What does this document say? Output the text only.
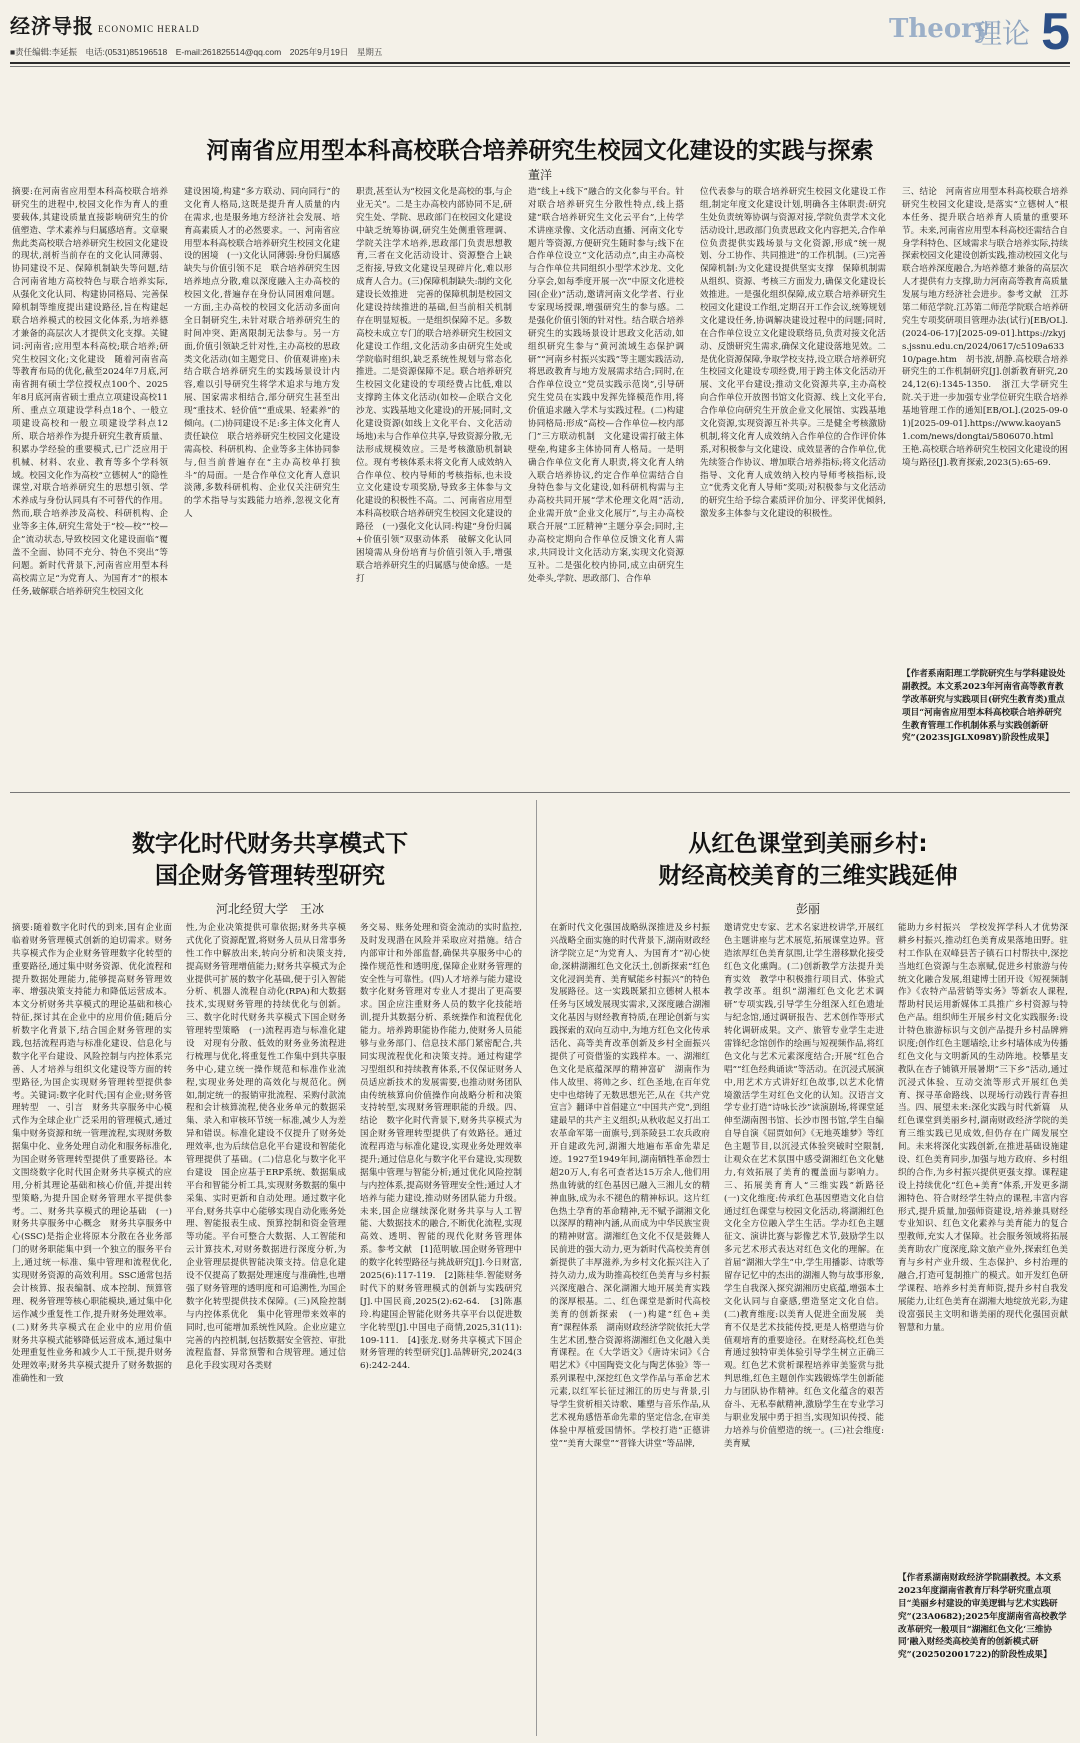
经济导报 ECONOMIC HERALD
■责任编辑:李延振　电话:(0531)85196518　E-mail:261825514@qq.com　2025年9月19日　星期五
Theory
理论 5
河南省应用型本科高校联合培养研究生校园文化建设的实践与探索
董洋
摘要:在河南省应用型本科高校联合培养研究生的进程中,校园文化作为育人的重要载体,其建设质量直接影响研究生的价值塑造、学术素养与归属感培育。文章聚焦此类高校联合培养研究生校园文化建设的现状,剖析当前存在的文化认同薄弱、协同建设不足、保障机制缺失等问题,结合河南省地方高校特色与联合培养实际,从强化文化认同、构建协同格局、完善保障机制等维度提出建设路径,旨在构建起联合培养模式的校园文化体系,为培养德才兼备的高层次人才提供文化支撑。关键词:河南省;应用型本科高校;联合培养;研究生校园文化;文化建设　随着河南省高等教育布局的优化,截至2024年7月底,河南省拥有硕士学位授权点100个、2025年8月底河南省硕士重点立项建设高校11所、重点立项建设学科点18个、一般立项建设高校和一般立项建设学科点12所、联合培养作为提升研究生教育质量、积累办学经验的重要模式,已广泛应用于机械、材料、农业、教育等多个学科领域。校园文化作为高校“立德树人”的隐性课堂,对联合培养研究生的思想引领、学术养成与身份认同具有不可替代的作用。然而,联合培养涉及高校、科研机构、企业等多主体,研究生常处于“校—校”“校—企”流动状态,导致校园文化建设面临“覆盖不全面、协同不充分、特色不突出”等问题。新时代背景下,河南省应用型本科高校需立足“为党育人、为国育才”的根本任务,破解联合培养研究生校园文化
建设困境,构建“多方联动、同向同行”的文化育人格局,这既是提升育人质量的内在需求,也是服务地方经济社会发展、培育高素质人才的必然要求。一、河南省应用型本科高校联合培养研究生校园文化建设的困境　(一)文化认同薄弱:身份归属感缺失与价值引领不足　联合培养研究生因培养地点分散,难以深度融入主办高校的校园文化,普遍存在身份认同困难问题。一方面,主办高校的校园文化活动多面向全日制研究生,未针对联合培养研究生的时间冲突、距离限制无法参与。另一方面,价值引领缺乏针对性,主办高校的思政类文化活动(如主题党日、价值观讲座)未结合联合培养研究生的实践场景设计内容,难以引导研究生将学术追求与地方发展、国家需求相结合,部分研究生甚至出现“重技术、轻价值”“重成果、轻素养”的倾向。(二)协同建设不足:多主体文化育人责任缺位　联合培养研究生校园文化建设需高校、科研机构、企业等多主体协同参与,但当前普遍存在“主办高校单打独斗”的局面。一是合作单位文化育人意识淡薄,多数科研机构、企业仅关注研究生的学术指导与实践能力培养,忽视文化育人
职责,甚至认为“校园文化是高校的事,与企业无关”。二是主办高校内部协同不足,研究生处、学院、思政部门在校园文化建设中缺乏统筹协调,研究生处侧重管理调、学院关注学术培养,思政部门负责思想教育,三者在文化活动设计、资源整合上缺乏衔接,导致文化建设呈现碎片化,难以形成育人合力。(三)保障机制缺失:制约文化建设长效推进　完善的保障机制是校园文化建设持续推进的基础,但当前相关机制存在明显短板。一是组织保障不足。多数高校未成立专门的联合培养研究生校园文化建设工作组,文化活动多由研究生处或学院临时组织,缺乏系统性规划与常态化推进。二是资源保障不足。联合培养研究生校园文化建设的专项经费占比低,难以支撑跨主体文化活动(如校—企联合文化沙龙、实践基地文化建设)的开展;同时,文化建设资源(如线上文化平台、文化活动场地)未与合作单位共享,导致资源分散,无法形成规模效应。三是考核激励机制缺位。现有考核体系未将文化育人成效纳入合作单位、校内导师的考核指标,也未设立文化建设专项奖励,导致多主体参与文化建设的积极性不高。二、河南省应用型本科高校联合培养研究生校园文化建设的路径　(一)强化文化认同:构建“身份归属+价值引领”双驱动体系　破解文化认同困境需从身份培育与价值引领入手,增强联合培养研究生的归属感与使命感。一是打
造“线上+线下”融合的文化参与平台。针对联合培养研究生分散性特点,线上搭建“联合培养研究生文化云平台”,上传学术讲座录像、文化活动直播、河南文化专题片等资源,方便研究生随时参与;线下在合作单位设立“文化活动点”,由主办高校与合作单位共同组织小型学术沙龙、文化分享会,如每季度开展一次“中原文化进校园(企业)”活动,邀请河南文化学者、行业专家现场授课,增强研究生的参与感。二是强化价值引领的针对性。结合联合培养研究生的实践场景设计思政文化活动,如组织研究生参与“黄河流域生态保护调研”“河南乡村振兴实践”等主题实践活动,将思政教育与地方发展需求结合;同时,在合作单位设立“党员实践示范岗”,引导研究生党员在实践中发挥先锋模范作用,将价值追求融入学术与实践过程。(二)构建协同格局:形成“高校—合作单位—校内部门”三方联动机制　文化建设需打破主体壁垒,构建多主体协同育人格局。一是明确合作单位文化育人职责,将文化育人纳入联合培养协议,约定合作单位需结合自身特色参与文化建设,如科研机构需与主办高校共同开展“学术伦理文化周”活动,企业需开放“企业文化展厅”,与主办高校联合开展“工匠精神”主题分享会;同时,主办高校定期向合作单位反馈文化育人需求,共同设计文化活动方案,实现文化资源互补。二是强化校内协同,成立由研究生处牵头,学院、思政部门、合作单
位代表参与的联合培养研究生校园文化建设工作组,制定年度文化建设计划,明确各主体职责:研究生处负责统筹协调与资源对接,学院负责学术文化活动设计,思政部门负责思政文化内容把关,合作单位负责提供实践场景与文化资源,形成“统一规划、分工协作、共同推进”的工作机制。(三)完善保障机制:为文化建设提供坚实支撑　保障机制需从组织、资源、考核三方面发力,确保文化建设长效推进。一是强化组织保障,成立联合培养研究生校园文化建设工作组,定期召开工作会议,统筹规划文化建设任务,协调解决建设过程中的问题;同时,在合作单位设立文化建设联络员,负责对接文化活动、反馈研究生需求,确保文化建设落地见效。二是优化资源保障,争取学校支持,设立联合培养研究生校园文化建设专项经费,用于跨主体文化活动开展、文化平台建设;推动文化资源共享,主办高校向合作单位开放图书馆文化资源、线上文化平台,合作单位向研究生开放企业文化展馆、实践基地文化资源,实现资源互补共享。三是健全考核激励机制,将文化育人成效纳入合作单位的合作评价体系,对积极参与文化建设、成效显著的合作单位,优先续签合作协议、增加联合培养指标;将文化活动指导、文化育人成效纳入校内导师考核指标,设立“优秀文化育人导师”奖项;对积极参与文化活动的研究生给予综合素质评价加分、评奖评优倾斜,激发多主体参与文化建设的积极性。
三、结论　河南省应用型本科高校联合培养研究生校园文化建设,是落实“立德树人”根本任务、提升联合培养育人质量的重要环节。未来,河南省应用型本科高校还需结合自身学科特色、区域需求与联合培养实际,持续探索校园文化建设创新实践,推动校园文化与联合培养深度融合,为培养德才兼备的高层次人才提供有力支撑,助力河南高等教育高质量发展与地方经济社会进步。参考文献　江苏第二师范学院.江苏第二师范学院联合培养研究生专项奖研项目管理办法(试行)[EB/OL].(2024-06-17)[2025-09-01].https://zkyjs.jssnu.edu.cn/2024/0617/c5109a63310/page.htm　胡书波,胡静.高校联合培养研究生的工作机制研究[J].创新教育研究,2024,12(6):1345-1350.　浙江大学研究生院.关于进一步加强专业学位研究生联合培养基地管理工作的通知[EB/OL].(2025-09-01)[2025-09-01].https://www.kaoyan51.com/news/dongtai/5806070.html　王艳.高校联合培养研究生校园文化建设的困境与路径[J].教育探索,2023(5):65-69.
【作者系南阳理工学院研究生与学科建设处副教授。本文系2023年河南省高等教育教学改革研究与实践项目(研究生教育类)重点项目“河南省应用型本科高校联合培养研究生教育管理工作机制体系与实践创新研究”(2023SJGLX098Y)阶段性成果】
数字化时代财务共享模式下
国企财务管理转型研究
河北经贸大学　王冰
摘要:随着数字化时代的到来,国有企业面临着财务管理模式创新的迫切需求。财务共享模式作为企业财务管理数字化转型的重要路径,通过集中财务资源、优化流程和提升数据处理能力,能够提高财务管理效率、增强决策支持能力和降低运营成本。本文分析财务共享模式的理论基础和核心特征,探讨其在企业中的应用价值;随后分析数字化背景下,结合国企财务管理的实践,包括流程再造与标准化建设、信息化与数字化平台建设、风险控制与内控体系完善、人才培养与组织文化建设等方面的转型路径,为国企实现财务管理转型提供参考。关键词:数字化时代;国有企业;财务管理转型　一、引言　财务共享服务中心模式作为全球企业广泛采用的管理模式,通过集中财务资源和统一管理流程,实现财务数据集中化、业务处理自动化和服务标准化,为国企财务管理转型提供了重要路径。本文围绕数字化时代国企财务共享模式的应用,分析其理论基础和核心价值,并提出转型策略,为提升国企财务管理水平提供参考。二、财务共享模式的理论基础　(一)财务共享服务中心概念　财务共享服务中心(SSC)是指企业将原本分散在各业务部门的财务职能集中到一个独立的服务平台上,通过统一标准、集中管理和流程优化,实现财务资源的高效利用。SSC通常包括会计核算、报表编制、成本控制、预算管理、税务管理等核心职能模块,通过集中化运作减少重复性工作,提升财务处理效率。(二)财务共享模式在企业中的应用价值　财务共享模式能够降低运营成本,通过集中处理重复性业务和减少人工干预,提升财务处理效率;财务共享模式提升了财务数据的准确性和一致
性,为企业决策提供可靠依据;财务共享模式优化了资源配置,将财务人员从日常事务性工作中解放出来,转向分析和决策支持,提高财务管理增值能力;财务共享模式为企业提供可扩展的数字化基础,便于引入智能分析、机器人流程自动化(RPA)和大数据技术,实现财务管理的持续优化与创新。三、数字化时代财务共享模式下国企财务管理转型策略　(一)流程再造与标准化建设　对现有分散、低效的财务业务流程进行梳理与优化,将重复性工作集中到共享服务中心,建立统一操作规范和标准作业流程,实现业务处理的高效化与规范化。例如,制定统一的报销审批流程、采购付款流程和会计核算流程,使各业务单元的数据采集、录入和审核环节统一标准,减少人为差异和错误。标准化建设不仅提升了财务处理效率,也为后续信息化平台建设和智能化管理提供了基础。(二)信息化与数字化平台建设　国企应基于ERP系统、数据集成平台和智能分析工具,实现财务数据的集中采集、实时更新和自动处理。通过数字化平台,财务共享中心能够实现自动化账务处理、智能报表生成、预算控制和资金管理等功能。平台可整合大数据、人工智能和云计算技术,对财务数据进行深度分析,为企业管理层提供智能决策支持。信息化建设不仅提高了数据处理速度与准确性,也增强了财务管理的透明度和可追溯性,为国企数字化转型提供技术保障。(三)风险控制与内控体系优化　集中化管理带来效率的同时,也可能增加系统性风险。企业应建立完善的内控机制,包括数据安全管控、审批流程监督、异常预警和合规管理。通过信息化手段实现对各类财
务交易、账务处理和资金流动的实时监控,及时发现潜在风险并采取应对措施。结合内部审计和外部监督,确保共享服务中心的操作规范性和透明度,保障企业财务管理的安全性与可靠性。(四)人才培养与能力建设　数字化财务管理对专业人才提出了更高要求。国企应注重财务人员的数字化技能培训,提升其数据分析、系统操作和流程优化能力。培养跨职能协作能力,使财务人员能够与业务部门、信息技术部门紧密配合,共同实现流程优化和决策支持。通过构建学习型组织和持续教育体系,不仅保证财务人员适应新技术的发展需要,也推动财务团队由传统核算向价值操作向战略分析和决策支持转型,实现财务管理职能的升级。四、结论　数字化时代背景下,财务共享模式为国企财务管理转型提供了有效路径。通过流程再造与标准化建设,实现业务处理效率提升;通过信息化与数字化平台建设,实现数据集中管理与智能分析;通过优化风险控制与内控体系,提高财务管理安全性;通过人才培养与能力建设,推动财务团队能力升级。未来,国企应继续深化财务共享与人工智能、大数据技术的融合,不断优化流程,实现高效、透明、智能的现代化财务管理体系。参考文献　[1]范明敏.国企财务管理中的数字化转型路径与挑战研究[J].今日财富,2025(6):117-119.　[2]陈桂华.智能财务时代下的财务管理模式的创新与实践研究[J].中国民商,2025(2):62-64.　[3]陈惠玲.构建国企智能化财务共享平台以促进数字化转型[J].中国电子商情,2025,31(11):109-111.　[4]张龙.财务共享模式下国企财务管理的转型研究[J].品牌研究,2024(36):242-244.
从红色课堂到美丽乡村:
财经高校美育的三维实践延伸
彭丽
在新时代文化强国战略纵深推进及乡村振兴战略全面实施的时代背景下,湖南财政经济学院立足“为党育人、为国育才”初心使命,深耕湖湘红色文化沃土,创新探索“红色文化浸润美育、美育赋能乡村振兴”的特色发展路径。这一实践既紧扣立德树人根本任务与区域发展现实需求,又深度融合湖湘文化基因与财经教育特质,在理论创新与实践探索的双向互动中,为地方红色文化传承活化、高等美育改革创新及乡村全面振兴提供了可资借鉴的实践样本。一、湖湘红色文化是底蕴深厚的精神富矿　湖南作为伟人故里、将帅之乡、红色圣地,在百年党史中也熔铸了无数思想光芒,从在《共产党宣言》翻译中首倡建立“中国共产党”,到组建最早的共产主义组织;从秋收起义打出工农革命军第一面旗号,到茶陵县工农兵政府开自建政先河,湖湘大地遍布革命先辈足迹。1927至1949年间,湖南牺牲革命烈士超20万人,有名可查者达15万余人,他们用热血铸就的红色基因已融入三湘儿女的精神血脉,成为永不褪色的精神标识。这片红色热土孕育的革命精神,无不赋予湖湘文化以深厚的精神内涵,从而成为中华民族宝贵的精神财富。湖湘红色文化不仅是鼓舞人民前进的强大动力,更为新时代高校美育创新提供了丰厚滋养,为乡村文化振兴注入了持久动力,成为助推高校红色美育与乡村振兴深度融合、深化湖湘大地开展美育实践的深厚根基。二、红色课堂是新时代高校美育的创新探索　(一)构建“红色+美育”课程体系　湖南财政经济学院依托大学生艺术团,整合资源将湖湘红色文化融入美育课程。在《大学语文》《唐诗宋词》《合唱艺术》《中国陶瓷文化与陶艺体验》等一系列课程中,深挖红色文学作品与革命艺术元素,以红军长征过湘江的历史与背景,引导学生赏析相关诗歌、雕塑与音乐作品,从艺术视角感悟革命先辈的坚定信念,在审美体验中厚植爱国情怀。学校打造“正德讲堂”“美育大课堂”“晋锋大讲堂”等品牌,
邀请党史专家、艺术名家进校讲学,开展红色主题讲座与艺术展览,拓展课堂边界。营造浓厚红色美育氛围,让学生潜移默化接受红色文化熏陶。(二)创新教学方法提升美育实效　教学中积极推行项目式、体验式教学改革。组织“湖湘红色文化艺术调研”专项实践,引导学生分组深入红色遗址与纪念馆,通过调研报告、艺术创作等形式转化调研成果。文产、旅管专业学生走进雷锋纪念馆创作的绘画与短视频作品,将红色文化与艺术元素深度结合;开展“红色合唱”“红色经典诵读”等活动。在沉浸式展演中,用艺术方式讲好红色故事,以艺术化情境激活学生对红色文化的认知。汉语言文学专业打造“诗咏长沙”读演剧场,将课堂延伸至湖南图书馆、长沙市图书馆,学生自编自导自演《屈贾如何》《无地英雄梦》等红色主题节目,以沉浸式体验突破时空限制,让观众在艺术氛围中感受湖湘红色文化魅力,有效拓展了美育的覆盖面与影响力。三、拓展美育育人“三维实践”新路径　(一)文化维度:传承红色基因塑造文化自信　通过红色课堂与校园文化活动,将湖湘红色文化全方位融入学生生活。学办红色主题征文、演讲比赛与影像艺术节,鼓励学生以多元艺术形式表达对红色文化的理解。在首届“湖湘大学生”中,学生用播影、诗歌等留存记忆中的杰出的湖湘人物与故事形象,学生自我深入探究湖湘历史底蕴,增强本土文化认同与自豪感,塑造坚定文化自信。(二)教育维度:以美育人促进全面发展　美育不仅是艺术技能传授,更是人格塑造与价值观培育的重要途径。在财经高校,红色美育通过独特审美体验引导学生树立正确三观。红色艺术赏析课程培养审美鉴赏与批判思维,红色主题创作实践锻炼学生创新能力与团队协作精神。红色文化蕴含的艰苦奋斗、无私奉献精神,激励学生在专业学习与职业发展中勇于担当,实现知识传授、能力培养与价值塑造的统一。(三)社会维度:美育赋
能助力乡村振兴　学校发挥学科人才优势深耕乡村振兴,推动红色美育成果落地田野。驻村工作队在双峰县苦子镇石口村帮扶中,深挖当地红色资源与生态禀赋,促进乡村旅游与传统文化融合发展,组建博士团开设《短视频制作》《农特产品营销等实务》等新农人课程,帮助村民运用新媒体工具推广乡村资源与特色产品。组织师生开展乡村文化实践服务:设计特色旅游标识与文创产品提升乡村品牌辨识度;创作红色主题墙绘,让乡村墙体成为传播红色文化与文明新风的生动阵地。校攀星支教队在杏子铺镇开展暑期“三下乡”活动,通过沉浸式体验、互动交流等形式开展红色美育、探寻革命路线、以现场行动践行青春担当。四、展望未来:深化实践与时代新篇　从红色课堂到美丽乡村,湖南财政经济学院的美育三维实践已见成效,但仍存在广阔发展空间。未来将深化实践创新,在推进基础设施建设、红色美育同步,加强与地方政府、乡村组织的合作,为乡村振兴提供更强支撑。课程建设上持续优化“红色+美育”体系,开发更多湖湘特色、符合财经学生特点的课程,丰富内容形式,提升质量,加强师资建设,培养兼具财经专业知识、红色文化素养与美育能力的复合型教师,充实人才保障。社会服务领域将拓展美育助农广度深度,除文旅产业外,探索红色美育与乡村产业升级、生态保护、乡村治理的融合,打造可复制推广的模式。如开发红色研学课程、培养乡村美育师资,提升乡村自我发展能力,让红色美育在湖湘大地绽放光彩,为建设富强民主文明和谐美丽的现代化强国贡献智慧和力量。
【作者系湖南财政经济学院副教授。本文系2023年度湖南省教育厅科学研究重点项目“美丽乡村建设的审美逻辑与艺术实践研究”(23A0682);2025年度湖南省高校教学改革研究一般项目“湖湘红色文化‘三维协同’融入财经类高校美育的创新模式研究”(202502001722)的阶段性成果】
